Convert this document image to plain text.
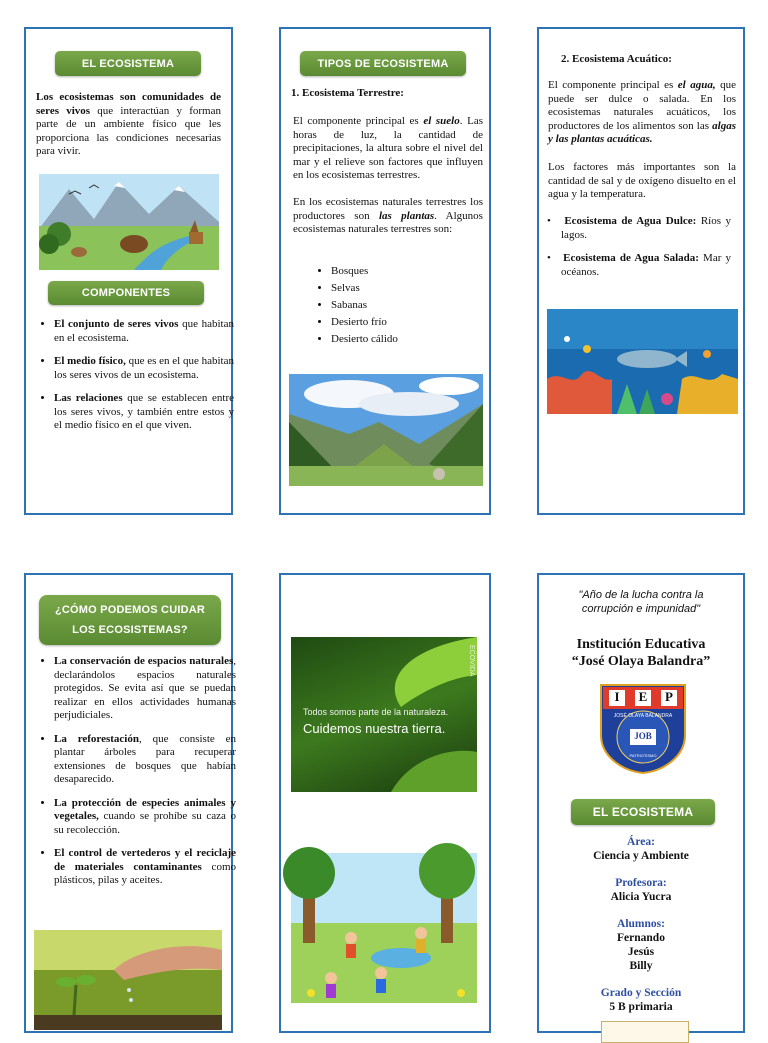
EL ECOSISTEMA
Los ecosistemas son comunidades de seres vivos que interactúan y forman parte de un ambiente físico que les proporciona las condiciones necesarias para vivir.
COMPONENTES
• El conjunto de seres vivos que habitan en el ecosistema.
• El medio físico, que es en el que habitan los seres vivos de un ecosistema.
• Las relaciones que se establecen entre los seres vivos, y también entre estos y el medio físico en el que viven.
TIPOS DE ECOSISTEMA
1. Ecosistema Terrestre:
El componente principal es el suelo. Las horas de luz, la cantidad de precipitaciones, la altura sobre el nivel del mar y el relieve son factores que influyen en los ecosistemas terrestres.
En los ecosistemas naturales terrestres los productores son las plantas. Algunos ecosistemas naturales terrestres son:
• Bosques
• Selvas
• Sabanas
• Desierto frío
• Desierto cálido
2. Ecosistema Acuático:
El componente principal es el agua, que puede ser dulce o salada. En los ecosistemas naturales acuáticos, los productores de los alimentos son las algas y las plantas acuáticas.
Los factores más importantes son la cantidad de sal y de oxígeno disuelto en el agua y la temperatura.
•   Ecosistema de Agua Dulce: Ríos y lagos.
•   Ecosistema de Agua Salada: Mar y océanos.
¿CÓMO PODEMOS CUIDAR
LOS ECOSISTEMAS?
• La conservación de espacios naturales, declarándolos espacios naturales protegidos. Se evita así que se puedan realizar en ellos actividades humanas perjudiciales.
• La reforestación, que consiste en plantar árboles para recuperar extensiones de bosques que habían desaparecido.
• La protección de especies animales y vegetales, cuando se prohíbe su caza o su recolección.
• El control de vertederos y el reciclaje de materiales contaminantes como plásticos, pilas y aceites.
ECOVIDA
Todos somos parte de la naturaleza.
Cuidemos nuestra tierra.
"Año de la lucha contra la
corrupción e impunidad"
Institución Educativa
“José Olaya Balandra”
I	E	P
JOSÉ OLAYA BALANDRA
JOB
PATRIOTISMO
EL ECOSISTEMA
Área:
Ciencia y Ambiente
Profesora:
Alicia Yucra
Alumnos:
Fernando
Jesús
Billy
Grado y Sección
5 B primaria
